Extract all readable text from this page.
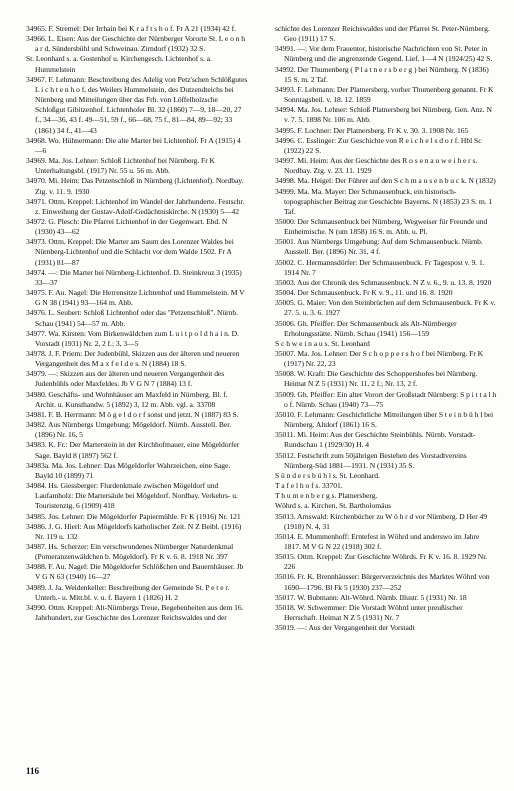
34965. F. Stremel: Der Irrhain bei K r a f t s h o f. Fr A 21 (1934) 42 f.

34966. L. Eisen: Aus der Geschichte der Nürnberger Vororte St. L e o n h a r d, Sündersbühl und Schweinau. Zirndorf (1932) 32 S.

St. Leonhard s. a. Gostenhof u. Kirchengesch. Lichtenhof s. a. Hummelstein

34967. F. Lehmann: Beschreibung des Adelig von Petz'schen Schlößgutes L i c h t e n h o f, des Weilers Hummelstein, des Dutzendteichs bei Nürnberg und Mitteilungen über das Frh. von Löffelholzsche Schloßgut Gibitzenhof. Lichtenhofer Bl. 32 (1860) 7—9, 18—20, 27 f., 34—36, 43 f. 49—51, 59 f., 66—68, 75 f., 81—84, 89—92; 33 (1861) 34 f., 41—43

34968. Wo. Hühnermann: Die alte Marter bei Lichtenhof. Fr A (1915) 4—6

34969. Ma. Jos. Lehner: Schloß Lichtenhof bei Nürnberg. Fr K Unterhaltungsbl. (1917) Nr. 55 u. 56 m. Abb.

34970. Mi. Heim: Das Petzenschloß in Nürnberg (Lichtenhof). Nordbay. Ztg. v. 11. 9. 1930

34971. Ottm. Kreppel: Lichtenhof im Wandel der Jahrhunderte. Festschr. z. Einweihung der Gustav-Adolf-Gedächtniskirche. N (1930) 5—42

34972. G. Plesch: Die Pfarrei Lichtenhof in der Gegenwart. Ebd. N (1930) 43—62

34973. Ottm. Kreppel: Die Marter am Saum des Lorenzer Waldes bei Nürnberg-Lichtenhof und die Schlacht vor dem Walde 1502. Fr A (1931) 81—87

34974. —: Die Marter bei Nürnberg-Lichtenhof. D. Steinkreuz 3 (1935) 33—37

34975. F. Au. Nagel: Die Herrensitze Lichtenhof und Hummelstein. M V G N 38 (1941) 93—164 m. Abb.

34976. L. Seubert: Schloß Lichtenhof oder das "Petzenschloß". Nürnb. Schau (1941) 54—57 m. Abb.

34977. Wa. Kirsten: Vom Birkenwäldchen zum L u i t p o l d h a i n. D. Vorstadt (1931) Nr. 2, 2 f.; 3, 3—5

34978. J. F. Priem: Der Judenbühl, Skizzen aus der älteren und neueren Vergangenheit des M a x f e l d e s. N (1884) 18 S.

34979. —: Skizzen aus der älteren und neueren Vergangenheit des Judenbühls oder Maxfeldes. Jb V G N 7 (1884) 13 f.

34980. Geschäfts- und Wohnhäuser am Maxfeld in Nürnberg. Bl. f. Archit. u. Kunsthandw. 5 (1892) 3, 12 m. Abb. vgl. a. 33708

34981. F. B. Herrmann: M ö g e l d o r f sonst und jetzt. N (1887) 83 S.

34982. Aus Nürnbergs Umgebung: Mögeldorf. Nürnb. Ausstell. Ber. (1896) Nr. 16, 5

34983. K. Fr.: Der Marterstein in der Kirchhofmauer, eine Mögeldorfer Sage. Bayld 8 (1897) 562 f.

34983a. Ma. Jos. Lehner: Das Mögeldorfer Wahrzeichen, eine Sage. Bayld 10 (1899) 71

34984. Hs. Giessberger: Flurdenkmale zwischen Mögeldorf und Laufamholz: Die Martersäule bei Mögeldorf. Nordbay. Verkehrs- u. Touristenztg. 6 (1909) 418

34985. Jos. Lehner: Die Mögeldorfer Papiermühle. Fr K (1916) Nr. 121

34986. J. G. Hierl: Aus Mögeldorfs katholischer Zeit. N Z Beibl. (1916) Nr. 119 u. 132

34987. Hs. Scherzer: Ein verschwundenes Nürnberger Naturdenkmal (Pomeranzenwäldchen b. Mögeldorf). Fr K v. 6. 8. 1918 Nr. 397

34988. F. Au. Nagel: Die Mögeldorfer Schlößchen und Bauernhäuser. Jb V G N 63 (1940) 16—27

34989. J. Ja. Weidenkeller: Beschreibung der Gemeinde St. P e t e r. Unterh.- u. Mitt.bl. v. u. f. Bayern 1 (1826) H. 2

34990. Ottm. Kreppel: Alt-Nürnbergs Treue, Begebenheiten aus dem 16. Jahrhundert, zur Geschichte des Lorenzer Reichswaldes und der

schichte des Lorenzer Reichswaldes und der Pfarrei St. Peter-Nürnberg. Geo (1911) 17 S.

34991. —: Vor dem Frauentor, historische Nachrichten von St. Peter in Nürnberg und die angrenzende Gegend. Lief. 1—4 N (1924/25) 42 S.

34992. Der Thumenberg ( P l a t n e r s b e r g ) bei Nürnberg. N (1836) 15 S. m. 2 Taf.

34993. F. Lehmann: Der Platnersberg, vorher Thumenberg genannt. Fr K Sonntagsbeil. v. 18. 12. 1859

34994. Ma. Jos. Lehner: Schloß Platnersberg bei Nürnberg. Gen. Anz. N v. 7. 5. 1898 Nr. 106 m. Abb.

34995. F. Lochner: Der Platnersberg. Fr K v. 30. 3. 1908 Nr. 165

34996. C. Esslinger: Zur Geschichte von R e i c h e l s d o r f. Hbl Sc (1922) 22 S.

34997. Mi. Heim: Aus der Geschichte des R o s e n a u w e i h e r s. Nordbay. Ztg. v. 23. 11. 1929

34998. Ma. Heigel: Der Führer auf den S c h m a u s e n b u c k. N (1832)

34999. Ma. Ma. Mayer: Der Schmausenbuck, ein historisch-topographischer Beitrag zur Geschichte Bayerns. N (1853) 23 S. m. 1 Taf.

35000. Der Schmausenbuck bei Nürnberg, Wegweiser für Freunde und Einheimische. N (um 1858) 16 S. m. Abb. u. Pl.

35001. Aus Nürnbergs Umgebung: Auf dem Schmausenbuck. Nürnb. Ausstell. Ber. (1896) Nr. 31, 4 f.

35002. C. Hermannsdörfer: Der Schmausenbuck. Fr Tagespost v. 9. 1. 1914 Nr. 7

35003. Aus der Chronik des Schmausenbuck. N Z v. 6., 9. u. 13. 8. 1920

35004. Der Schmausenbuck. Fr K v. 9., 11. und 16. 8. 1920

35005. G. Maier: Von den Steinbrüchen auf dem Schmausenbuck. Fr K v. 27. 5. u. 3. 6. 1927

35006. Gh. Pfeiffer: Der Schmausenbuck als Alt-Nürnberger Erholungsstätte. Nürnb. Schau (1941) 156—159

S c h w e i n a u s. St. Leonhard

35007. Ma. Jos. Lehner: Der S c h o p p e r s h o f bei Nürnberg. Fr K (1917) Nr. 22, 23

35008. W. Kraft: Die Geschichte des Schoppershofes bei Nürnberg. Heimat N Z 5 (1931) Nr. 11, 2 f.; Nr. 13, 2 f.

35009. Gh. Pfeiffer: Ein alter Vorort der Großstadt Nürnberg: S p i t t a l h o f. Nürnb. Schau (1940) 73—75

35010. F. Lehmann: Geschichtliche Mitteilungen über S t e i n b ü h l bei Nürnberg. Altdorf (1861) 16 S.

35011. Mi. Heim: Aus der Geschichte Steinbühls. Nürnb. Vorstadt-Rundschau 1 (1929/30) H. 4

35012. Festschrift zum 50jährigen Bestehen des Vorstadtvereins Nürnberg-Süd 1881—1931. N (1931) 35 S.

S ü n d e r s b ü h l s. St. Leonhard.

T a f e l h o f s. 33701.

T h u m e n b e r g s. Platnersberg.

Wöhrd s. a. Kirchen, St. Bartholomäus

35013. Arnswald: Kirchenbücher zu W ö h r d vor Nürnberg. D Her 49 (1918) N. 4, 31

35014. E. Mummenhoff: Erntefest in Wöhrd und anderswo im Jahre 1817. M V G N 22 (1918) 302 f.

35015. Ottm. Kreppel: Zur Geschichte Wöhrds. Fr K v. 16. 8. 1929 Nr. 226

35016. Fr. K. Brennhäusser: Bürgerverzeichnis des Marktes Wöhrd von 1690—1796. Bl Fk 5 (1930) 237—252

35017. W. Bubmann: Alt-Wöhrd. Nürnb. Illustr. 5 (1931) Nr. 18

35018. W. Schwemmer: Die Vorstadt Wöhrd unter preußischer Herrschaft. Heimat N Z 5 (1931) Nr. 7

35019. —: Aus der Vergangenheit der Vorstadt

116
